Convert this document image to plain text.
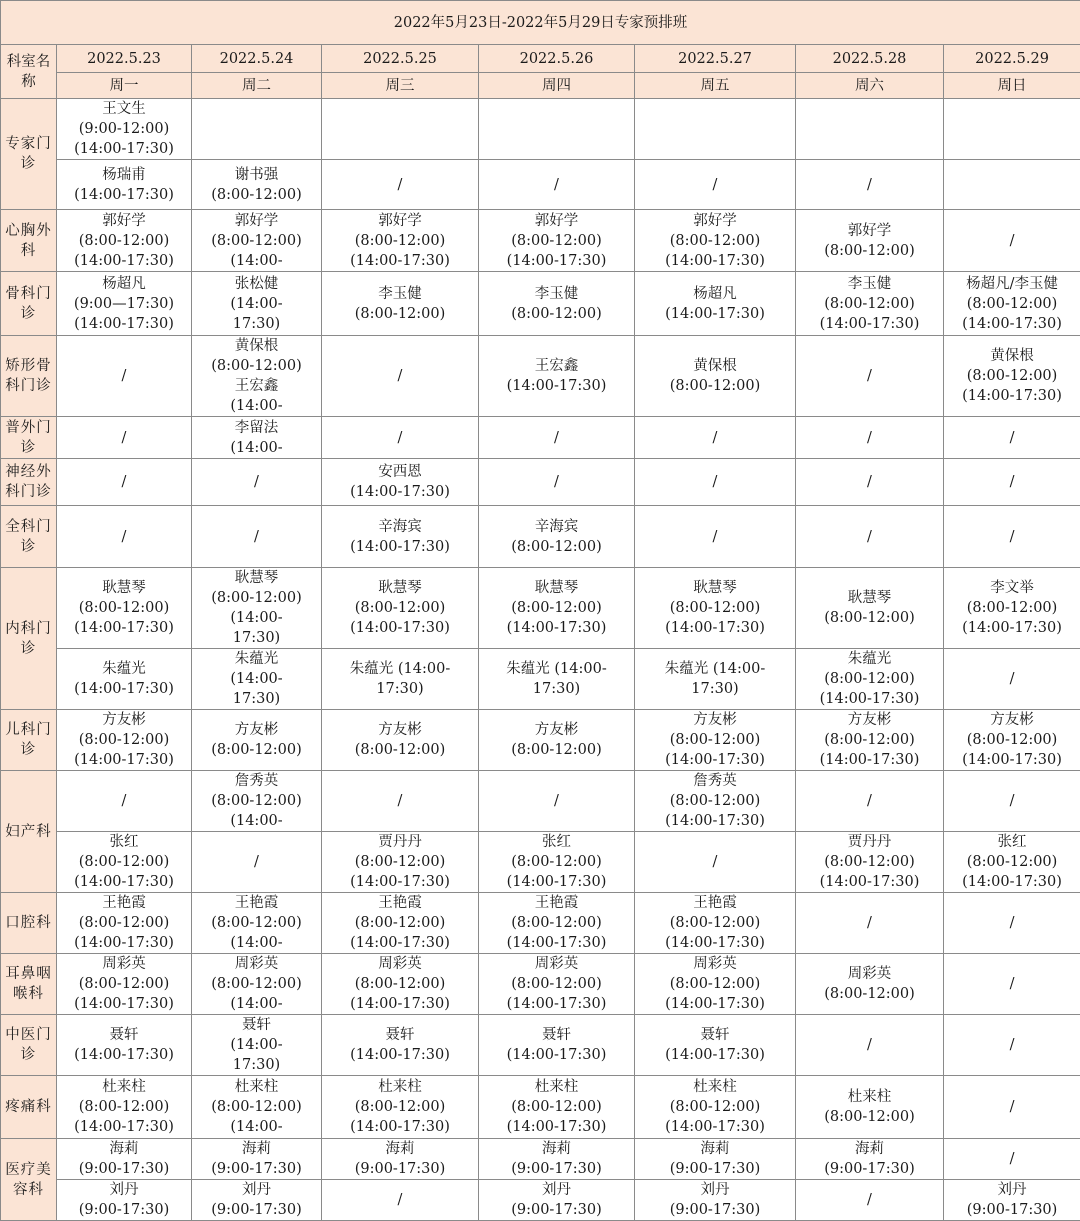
2022年5月23日-2022年5月29日专家预排班							
科室名称	2022.5.23	2022.5.24	2022.5.25	2022.5.26	2022.5.27	2022.5.28	2022.5.29
	周一	周二	周三	周四	周五	周六	周日
专家门诊	王文生
(9:00-12:00)
(14:00-17:30)						
	杨瑞甫
(14:00-17:30)	谢书强
(8:00-12:00)	/	/	/	/	
心胸外科	郭好学
(8:00-12:00)
(14:00-17:30)	郭好学
(8:00-12:00)
(14:00-	郭好学
(8:00-12:00)
(14:00-17:30)	郭好学
(8:00-12:00)
(14:00-17:30)	郭好学
(8:00-12:00)
(14:00-17:30)	郭好学
(8:00-12:00)	/
骨科门诊	杨超凡
(9:00—17:30)
(14:00-17:30)	张松健
(14:00-
17:30)	李玉健
(8:00-12:00)	李玉健
(8:00-12:00)	杨超凡
(14:00-17:30)	李玉健
(8:00-12:00)
(14:00-17:30)	杨超凡/李玉健
(8:00-12:00)
(14:00-17:30)
矫形骨科门诊	/	黄保根
(8:00-12:00)
王宏鑫
(14:00-	/	王宏鑫
(14:00-17:30)	黄保根
(8:00-12:00)	/	黄保根
(8:00-12:00)
(14:00-17:30)
普外门诊	/	李留法
(14:00-	/	/	/	/	/
神经外科门诊	/	/	安西恩
(14:00-17:30)	/	/	/	/
全科门诊	/	/	辛海宾
(14:00-17:30)	辛海宾
(8:00-12:00)	/	/	/
内科门诊	耿慧琴
(8:00-12:00)
(14:00-17:30)	耿慧琴
(8:00-12:00)
(14:00-
17:30)	耿慧琴
(8:00-12:00)
(14:00-17:30)	耿慧琴
(8:00-12:00)
(14:00-17:30)	耿慧琴
(8:00-12:00)
(14:00-17:30)	耿慧琴
(8:00-12:00)	李文举
(8:00-12:00)
(14:00-17:30)
	朱蕴光
(14:00-17:30)	朱蕴光
(14:00-
17:30)	朱蕴光 (14:00-
17:30)	朱蕴光 (14:00-
17:30)	朱蕴光 (14:00-
17:30)	朱蕴光
(8:00-12:00)
(14:00-17:30)	/
儿科门诊	方友彬
(8:00-12:00)
(14:00-17:30)	方友彬
(8:00-12:00)	方友彬
(8:00-12:00)	方友彬
(8:00-12:00)	方友彬
(8:00-12:00)
(14:00-17:30)	方友彬
(8:00-12:00)
(14:00-17:30)	方友彬
(8:00-12:00)
(14:00-17:30)
妇产科	/	詹秀英
(8:00-12:00)
(14:00-	/	/	詹秀英
(8:00-12:00)
(14:00-17:30)	/	/
	张红
(8:00-12:00)
(14:00-17:30)	/	贾丹丹
(8:00-12:00)
(14:00-17:30)	张红
(8:00-12:00)
(14:00-17:30)	/	贾丹丹
(8:00-12:00)
(14:00-17:30)	张红
(8:00-12:00)
(14:00-17:30)
口腔科	王艳霞
(8:00-12:00)
(14:00-17:30)	王艳霞
(8:00-12:00)
(14:00-	王艳霞
(8:00-12:00)
(14:00-17:30)	王艳霞
(8:00-12:00)
(14:00-17:30)	王艳霞
(8:00-12:00)
(14:00-17:30)	/	/
耳鼻咽喉科	周彩英
(8:00-12:00)
(14:00-17:30)	周彩英
(8:00-12:00)
(14:00-	周彩英
(8:00-12:00)
(14:00-17:30)	周彩英
(8:00-12:00)
(14:00-17:30)	周彩英
(8:00-12:00)
(14:00-17:30)	周彩英
(8:00-12:00)	/
中医门诊	聂轩
(14:00-17:30)	聂轩
(14:00-
17:30)	聂轩
(14:00-17:30)	聂轩
(14:00-17:30)	聂轩
(14:00-17:30)	/	/
疼痛科	杜来柱
(8:00-12:00)
(14:00-17:30)	杜来柱
(8:00-12:00)
(14:00-	杜来柱
(8:00-12:00)
(14:00-17:30)	杜来柱
(8:00-12:00)
(14:00-17:30)	杜来柱
(8:00-12:00)
(14:00-17:30)	杜来柱
(8:00-12:00)	/
医疗美容科	海莉
(9:00-17:30)	海莉
(9:00-17:30)	海莉
(9:00-17:30)	海莉
(9:00-17:30)	海莉
(9:00-17:30)	海莉
(9:00-17:30)	/
	刘丹
(9:00-17:30)	刘丹
(9:00-17:30)	/	刘丹
(9:00-17:30)	刘丹
(9:00-17:30)	/	刘丹
(9:00-17:30)
